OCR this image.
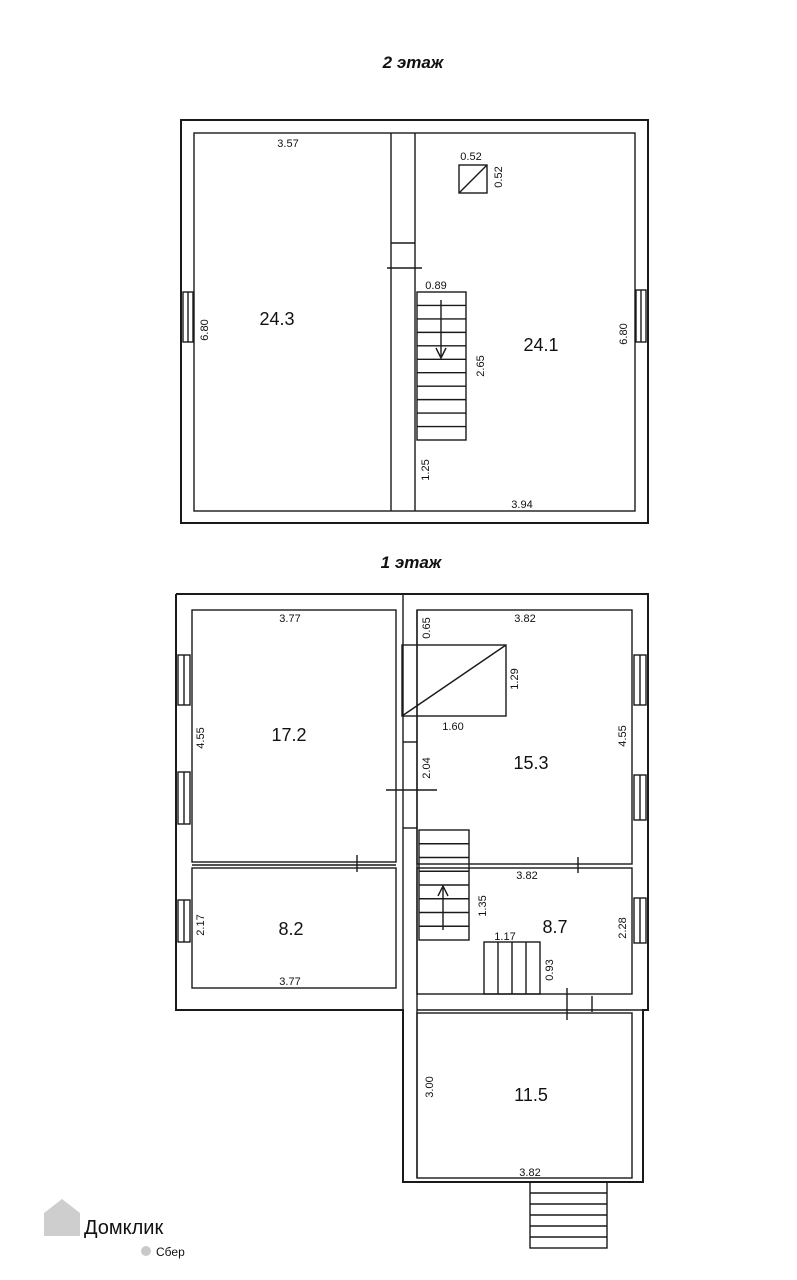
2 этаж
24.3
24.1
3.57
6.80
3.94
6.80
0.52
0.52
0.89
2.65
1.25
1 этаж
17.2
15.3
8.2	8.7
11.5
3.77
4.55
3.82
4.55
0.65
1.60
1.29
2.04
2.17
3.77
3.82
1.35
1.17	2.28
0.93
3.00
3.82
Домклик
Сбер
